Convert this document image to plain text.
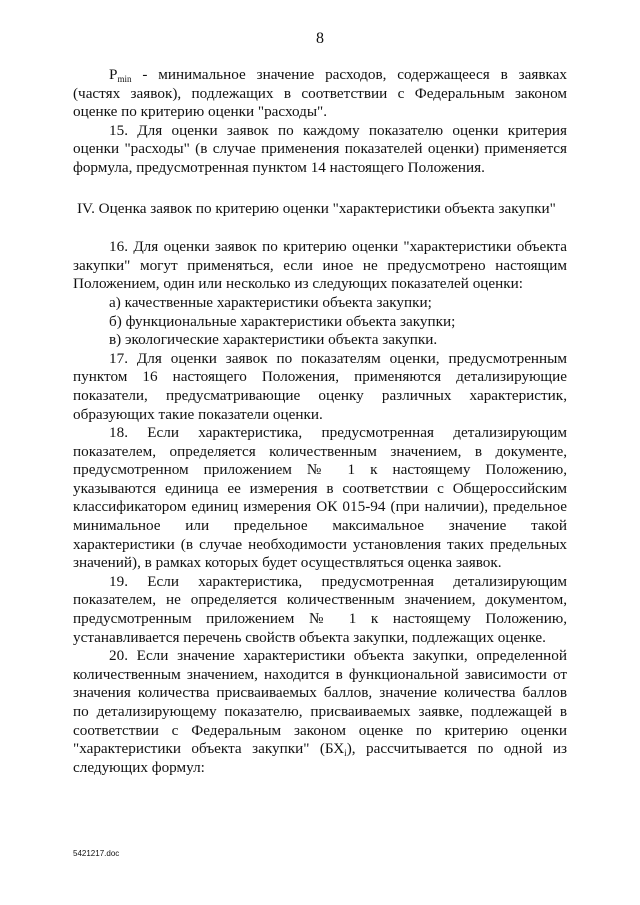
8

$P_{min}$ - минимальное значение расходов, содержащееся в заявках (частях заявок), подлежащих в соответствии с Федеральным законом оценке по критерию оценки "расходы".

15. Для оценки заявок по каждому показателю оценки критерия оценки "расходы" (в случае применения показателей оценки) применяется формула, предусмотренная пунктом 14 настоящего Положения.

IV. Оценка заявок по критерию оценки "характеристики объекта закупки"

16. Для оценки заявок по критерию оценки "характеристики объекта закупки" могут применяться, если иное не предусмотрено настоящим Положением, один или несколько из следующих показателей оценки:

а) качественные характеристики объекта закупки;

б) функциональные характеристики объекта закупки;

в) экологические характеристики объекта закупки.

17. Для оценки заявок по показателям оценки, предусмотренным пунктом 16 настоящего Положения, применяются детализирующие показатели, предусматривающие оценку различных характеристик, образующих такие показатели оценки.

18. Если характеристика, предусмотренная детализирующим показателем, определяется количественным значением, в документе, предусмотренном приложением № 1 к настоящему Положению, указываются единица ее измерения в соответствии с Общероссийским классификатором единиц измерения ОК 015-94 (при наличии), предельное минимальное или предельное максимальное значение такой характеристики (в случае необходимости установления таких предельных значений), в рамках которых будет осуществляться оценка заявок.

19. Если характеристика, предусмотренная детализирующим показателем, не определяется количественным значением, документом, предусмотренным приложением № 1 к настоящему Положению, устанавливается перечень свойств объекта закупки, подлежащих оценке.

20. Если значение характеристики объекта закупки, определенной количественным значением, находится в функциональной зависимости от значения количества присваиваемых баллов, значение количества баллов по детализирующему показателю, присваиваемых заявке, подлежащей в соответствии с Федеральным законом оценке по критерию оценки "характеристики объекта закупки" $(БХ_i)$, рассчитывается по одной из следующих формул:

5421217.doc
